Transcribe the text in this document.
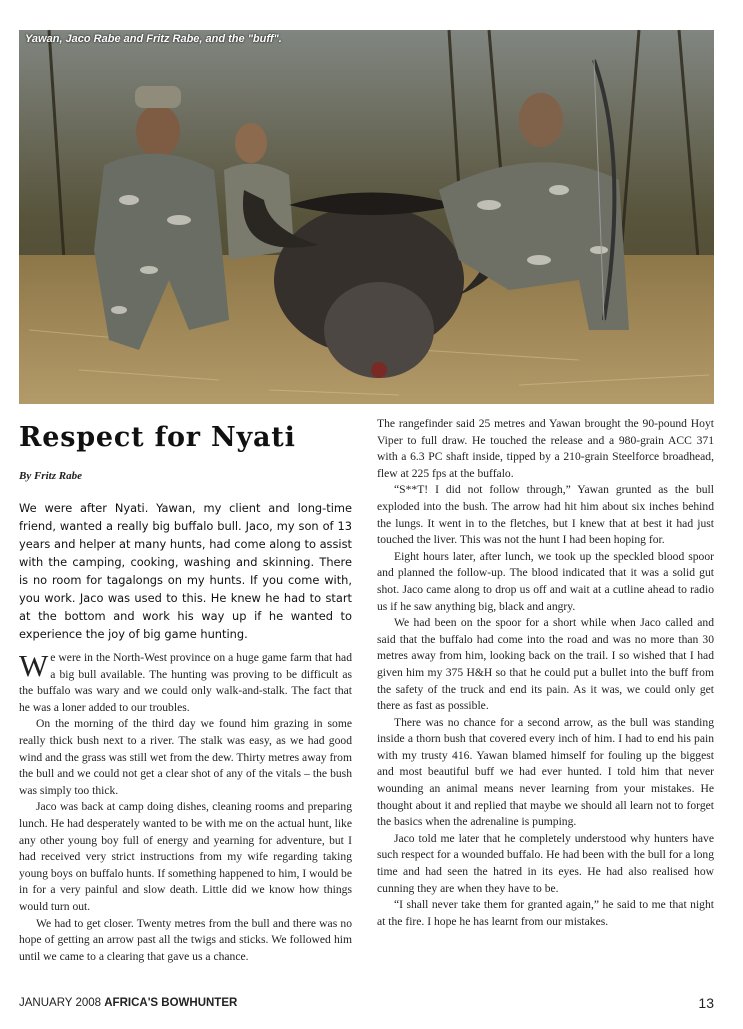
Yawan, Jaco Rabe and Fritz Rabe, and the "buff".
Respect for Nyati
By Fritz Rabe

We were after Nyati. Yawan, my client and long-time friend, wanted a really big buffalo bull. Jaco, my son of 13 years and helper at many hunts, had come along to assist with the camping, cooking, washing and skinning. There is no room for tagalongs on my hunts. If you come with, you work. Jaco was used to this. He knew he had to start at the bottom and work his way up if he wanted to experience the joy of big game hunting.

We were in the North-West province on a huge game farm that had a big bull available. The hunting was proving to be difficult as the buffalo was wary and we could only walk-and-stalk. The fact that he was a loner added to our troubles.

On the morning of the third day we found him grazing in some really thick bush next to a river. The stalk was easy, as we had good wind and the grass was still wet from the dew. Thirty metres away from the bull and we could not get a clear shot of any of the vitals – the bush was simply too thick.

Jaco was back at camp doing dishes, cleaning rooms and preparing lunch. He had desperately wanted to be with me on the actual hunt, like any other young boy full of energy and yearning for adventure, but I had received very strict instructions from my wife regarding taking young boys on buffalo hunts. If something happened to him, I would be in for a very painful and slow death. Little did we know how things would turn out.

We had to get closer. Twenty metres from the bull and there was no hope of getting an arrow past all the twigs and sticks. We followed him until we came to a clearing that gave us a chance.

The rangefinder said 25 metres and Yawan brought the 90-pound Hoyt Viper to full draw. He touched the release and a 980-grain ACC 371 with a 6.3 PC shaft inside, tipped by a 210-grain Steelforce broadhead, flew at 225 fps at the buffalo.

“S**T! I did not follow through,” Yawan grunted as the bull exploded into the bush. The arrow had hit him about six inches behind the lungs. It went in to the fletches, but I knew that at best it had just touched the liver. This was not the hunt I had been hoping for.

Eight hours later, after lunch, we took up the speckled blood spoor and planned the follow-up. The blood indicated that it was a solid gut shot. Jaco came along to drop us off and wait at a cutline ahead to radio us if he saw anything big, black and angry.

We had been on the spoor for a short while when Jaco called and said that the buffalo had come into the road and was no more than 30 metres away from him, looking back on the trail. I so wished that I had given him my 375 H&H so that he could put a bullet into the buff from the safety of the truck and end its pain. As it was, we could only get there as fast as possible.

There was no chance for a second arrow, as the bull was standing inside a thorn bush that covered every inch of him. I had to end his pain with my trusty 416. Yawan blamed himself for fouling up the biggest and most beautiful buff we had ever hunted. I told him that never wounding an animal means never learning from your mistakes. He thought about it and replied that maybe we should all learn not to forget the basics when the adrenaline is pumping.

Jaco told me later that he completely understood why hunters have such respect for a wounded buffalo. He had been with the bull for a long time and had seen the hatred in its eyes. He had also realised how cunning they are when they have to be.

“I shall never take them for granted again,” he said to me that night at the fire. I hope he has learnt from our mistakes.

JANUARY 2008 AFRICA'S BOWHUNTER	13
